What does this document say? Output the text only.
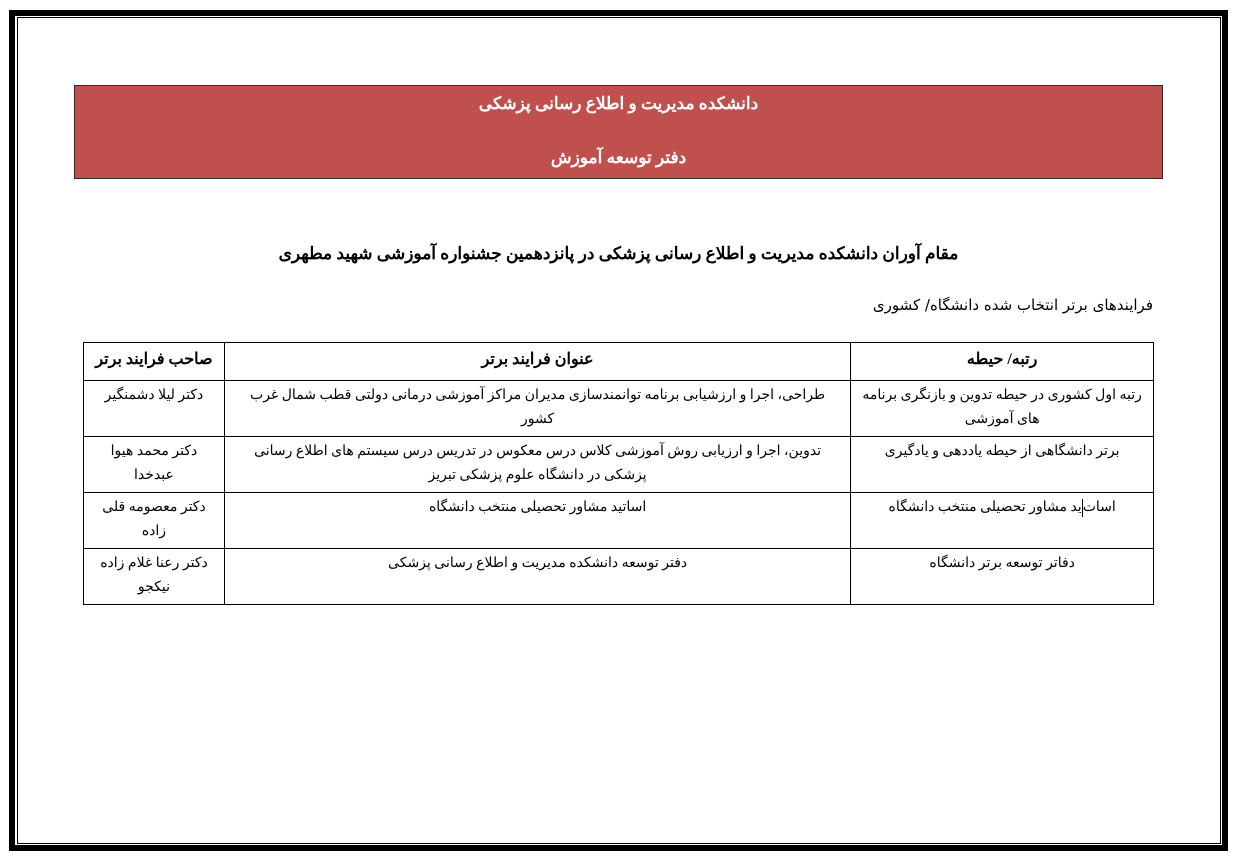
دانشکده مدیریت و اطلاع رسانی پزشکی
دفتر توسعه آموزش
مقام آوران دانشکده مدیریت و اطلاع رسانی پزشکی در پانزدهمین جشنواره آموزشی شهید مطهری
فرایندهای برتر انتخاب شده دانشگاه/ کشوری
رتبه/ حیطه	عنوان فرایند برتر	صاحب فرایند برتر
رتبه اول کشوری در حیطه تدوین و بازنگری برنامه های آموزشی	طراحی، اجرا و ارزشیابی برنامه توانمندسازی مدیران مراکز آموزشی درمانی دولتی قطب شمال غرب کشور	دکتر لیلا دشمنگیر
برتر دانشگاهی از حیطه یاددهی و یادگیری	تدوین، اجرا و ارزیابی روش آموزشی کلاس درس معکوس در تدریس درس سیستم های اطلاع رسانی پزشکی در دانشگاه علوم پزشکی تبریز	دکتر محمد هیوا عبدخدا
اساتید مشاور تحصیلی منتخب دانشگاه	اساتید مشاور تحصیلی منتخب دانشگاه	دکتر معصومه قلی زاده
دفاتر توسعه برتر دانشگاه	دفتر توسعه دانشکده مدیریت و اطلاع رسانی پزشکی	دکتر رعنا غلام زاده نیکجو
